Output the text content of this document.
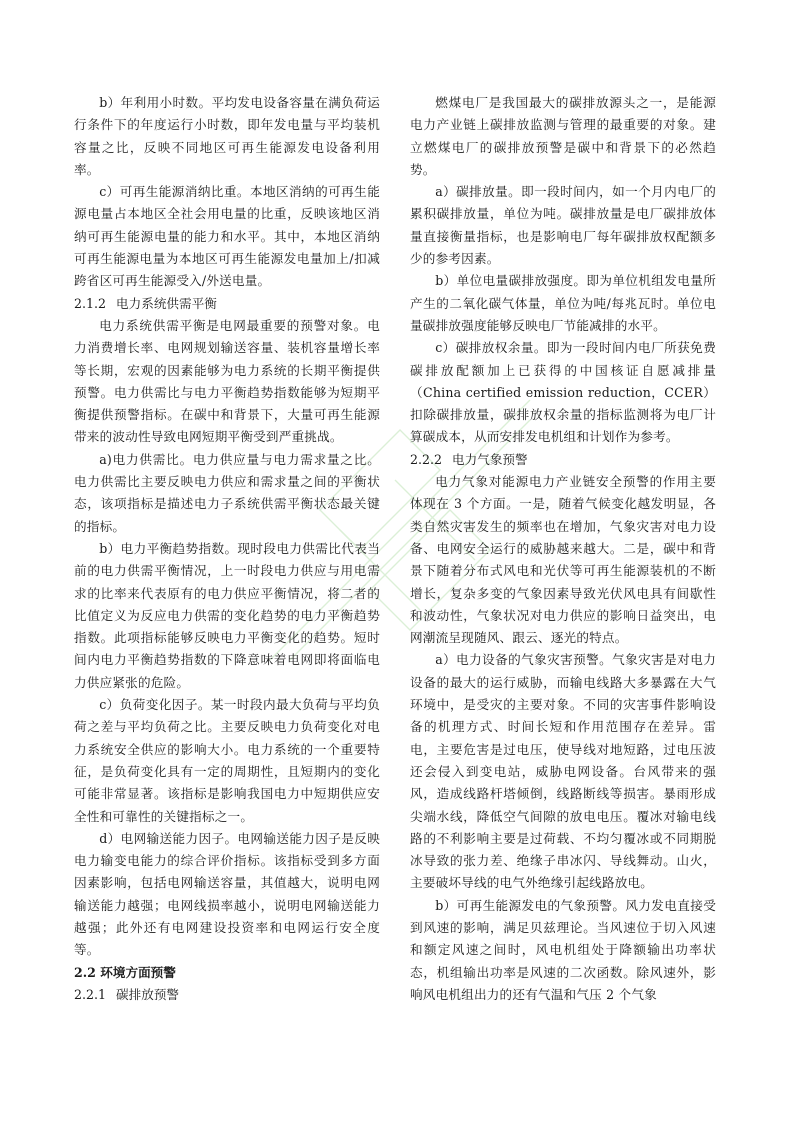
b）年利用小时数。平均发电设备容量在满负荷运行条件下的年度运行小时数，即年发电量与平均装机容量之比，反映不同地区可再生能源发电设备利用率。

c）可再生能源消纳比重。本地区消纳的可再生能源电量占本地区全社会用电量的比重，反映该地区消纳可再生能源电量的能力和水平。其中，本地区消纳可再生能源电量为本地区可再生能源发电量加上/扣减跨省区可再生能源受入/外送电量。

2.1.2 电力系统供需平衡

电力系统供需平衡是电网最重要的预警对象。电力消费增长率、电网规划输送容量、装机容量增长率等长期，宏观的因素能够为电力系统的长期平衡提供预警。电力供需比与电力平衡趋势指数能够为短期平衡提供预警指标。在碳中和背景下，大量可再生能源带来的波动性导致电网短期平衡受到严重挑战。

a)电力供需比。电力供应量与电力需求量之比。电力供需比主要反映电力供应和需求量之间的平衡状态，该项指标是描述电力子系统供需平衡状态最关键的指标。

b）电力平衡趋势指数。现时段电力供需比代表当前的电力供需平衡情况，上一时段电力供应与用电需求的比率来代表原有的电力供应平衡情况，将二者的比值定义为反应电力供需的变化趋势的电力平衡趋势指数。此项指标能够反映电力平衡变化的趋势。短时间内电力平衡趋势指数的下降意味着电网即将面临电力供应紧张的危险。

c）负荷变化因子。某一时段内最大负荷与平均负荷之差与平均负荷之比。主要反映电力负荷变化对电力系统安全供应的影响大小。电力系统的一个重要特征，是负荷变化具有一定的周期性，且短期内的变化可能非常显著。该指标是影响我国电力中短期供应安全性和可靠性的关键指标之一。

d）电网输送能力因子。电网输送能力因子是反映电力输变电能力的综合评价指标。该指标受到多方面因素影响，包括电网输送容量，其值越大，说明电网输送能力越强；电网线损率越小，说明电网输送能力越强；此外还有电网建设投资率和电网运行安全度等。

2.2 环境方面预警
2.2.1 碳排放预警

燃煤电厂是我国最大的碳排放源头之一，是能源电力产业链上碳排放监测与管理的最重要的对象。建立燃煤电厂的碳排放预警是碳中和背景下的必然趋势。

a）碳排放量。即一段时间内，如一个月内电厂的累积碳排放量，单位为吨。碳排放量是电厂碳排放体量直接衡量指标，也是影响电厂每年碳排放权配额多少的参考因素。

b）单位电量碳排放强度。即为单位机组发电量所产生的二氧化碳气体量，单位为吨/每兆瓦时。单位电量碳排放强度能够反映电厂节能减排的水平。

c）碳排放权余量。即为一段时间内电厂所获免费碳排放配额加上已获得的中国核证自愿减排量（China certified emission reduction，CCER）扣除碳排放量，碳排放权余量的指标监测将为电厂计算碳成本，从而安排发电机组和计划作为参考。

2.2.2 电力气象预警

电力气象对能源电力产业链安全预警的作用主要体现在 3 个方面。一是，随着气候变化越发明显，各类自然灾害发生的频率也在增加，气象灾害对电力设备、电网安全运行的威胁越来越大。二是，碳中和背景下随着分布式风电和光伏等可再生能源装机的不断增长，复杂多变的气象因素导致光伏风电具有间歇性和波动性，气象状况对电力供应的影响日益突出，电网潮流呈现随风、跟云、逐光的特点。

a）电力设备的气象灾害预警。气象灾害是对电力设备的最大的运行威胁，而输电线路大多暴露在大气环境中，是受灾的主要对象。不同的灾害事件影响设备的机理方式、时间长短和作用范围存在差异。雷电，主要危害是过电压，使导线对地短路，过电压波还会侵入到变电站，威胁电网设备。台风带来的强风，造成线路杆塔倾倒，线路断线等损害。暴雨形成尖端水线，降低空气间隙的放电电压。覆冰对输电线路的不利影响主要是过荷载、不均匀覆冰或不同期脱冰导致的张力差、绝缘子串冰闪、导线舞动。山火，主要破坏导线的电气外绝缘引起线路放电。

b）可再生能源发电的气象预警。风力发电直接受到风速的影响，满足贝兹理论。当风速位于切入风速和额定风速之间时，风电机组处于降额输出功率状态，机组输出功率是风速的二次函数。除风速外，影响风电机组出力的还有气温和气压 2 个气象
